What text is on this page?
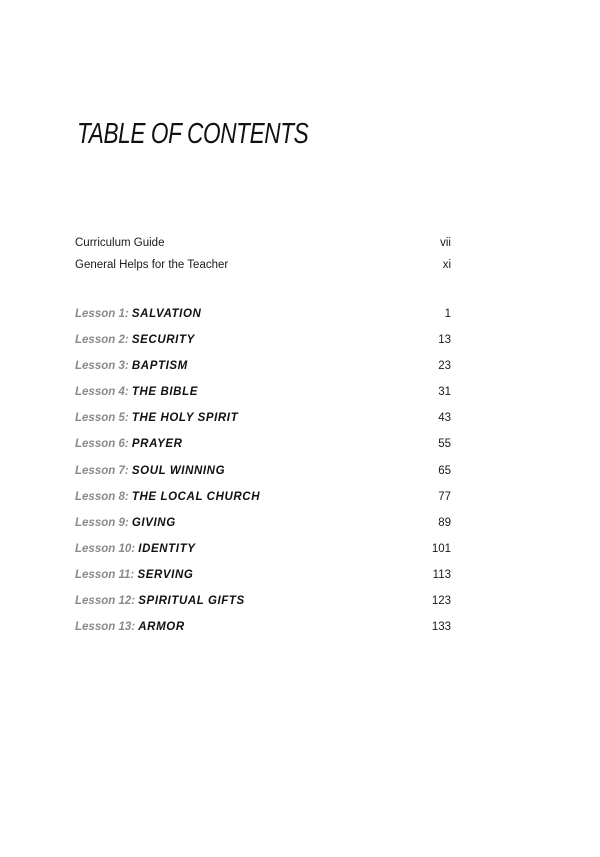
TABLE OF CONTENTS
Curriculum Guide	vii
General Helps for the Teacher	xi
Lesson 1: SALVATION	1
Lesson 2: SECURITY	13
Lesson 3: BAPTISM	23
Lesson 4: THE BIBLE	31
Lesson 5: THE HOLY SPIRIT	43
Lesson 6: PRAYER	55
Lesson 7: SOUL WINNING	65
Lesson 8: THE LOCAL CHURCH	77
Lesson 9: GIVING	89
Lesson 10: IDENTITY	101
Lesson 11: SERVING	113
Lesson 12: SPIRITUAL GIFTS	123
Lesson 13: ARMOR	133
